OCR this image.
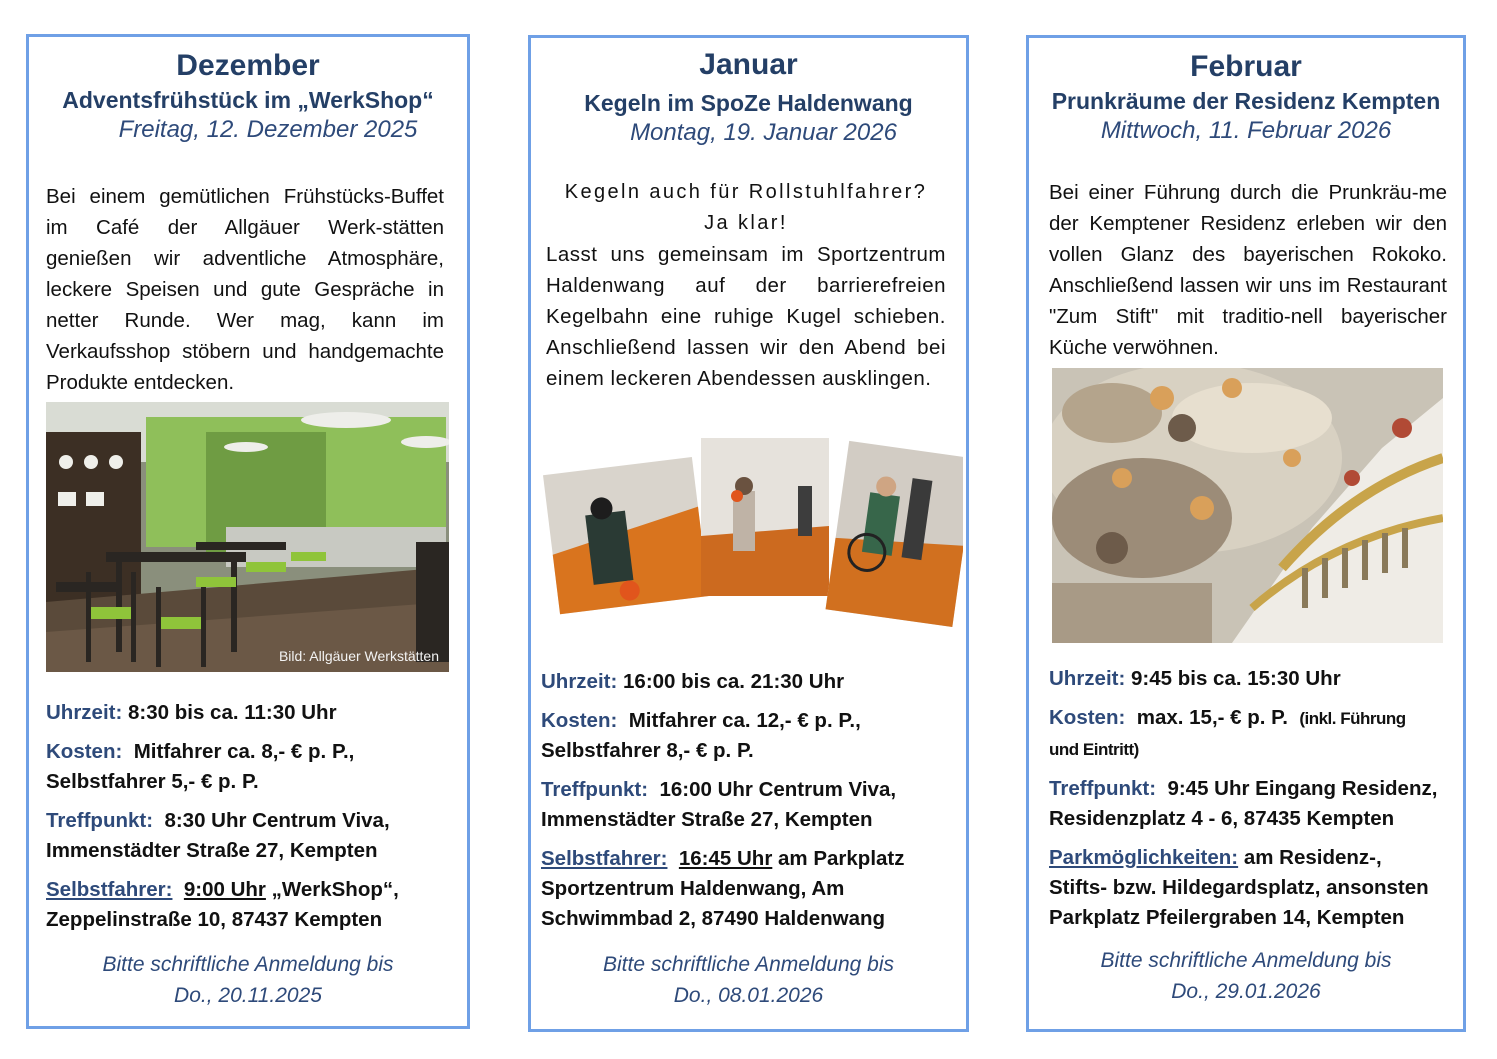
Dezember

Adventsfrühstück im „WerkShop“

Freitag, 12. Dezember 2025

Bei einem gemütlichen Frühstücks-Buffet im Café der Allgäuer Werk-stätten genießen wir adventliche Atmosphäre, leckere Speisen und gute Gespräche in netter Runde. Wer mag, kann im Verkaufsshop stöbern und handgemachte Produkte entdecken.

Bild: Allgäuer Werkstätten

Uhrzeit: 8:30 bis ca. 11:30 Uhr

Kosten: Mitfahrer ca. 8,- € p. P.,
Selbstfahrer 5,- € p. P.

Treffpunkt: 8:30 Uhr Centrum Viva,
Immenstädter Straße 27, Kempten

Selbstfahrer: 9:00 Uhr „WerkShop“,
Zeppelinstraße 10, 87437 Kempten

Bitte schriftliche Anmeldung bis

Do., 20.11.2025

Januar

Kegeln im SpoZe Haldenwang

Montag, 19. Januar 2026

Kegeln auch für Rollstuhlfahrer?

Ja klar!

Lasst uns gemeinsam im Sportzentrum Haldenwang auf der barrierefreien Kegelbahn eine ruhige Kugel schieben. Anschließend lassen wir den Abend bei einem leckeren Abendessen ausklingen.

Uhrzeit: 16:00 bis ca. 21:30 Uhr

Kosten: Mitfahrer ca. 12,- € p. P.,
Selbstfahrer 8,- € p. P.

Treffpunkt: 16:00 Uhr Centrum Viva,
Immenstädter Straße 27, Kempten

Selbstfahrer: 16:45 Uhr am Parkplatz
Sportzentrum Haldenwang, Am
Schwimmbad 2, 87490 Haldenwang

Bitte schriftliche Anmeldung bis

Do., 08.01.2026

Februar

Prunkräume der Residenz Kempten

Mittwoch, 11. Februar 2026

Bei einer Führung durch die Prunkräu-me der Kemptener Residenz erleben wir den vollen Glanz des bayerischen Rokoko. Anschließend lassen wir uns im Restaurant "Zum Stift" mit traditio-nell bayerischer Küche verwöhnen.

Uhrzeit: 9:45 bis ca. 15:30 Uhr

Kosten: max. 15,- € p. P. (inkl. Führung
und Eintritt)

Treffpunkt: 9:45 Uhr Eingang Residenz,
Residenzplatz 4 - 6, 87435 Kempten

Parkmöglichkeiten: am Residenz-,
Stifts- bzw. Hildegardsplatz, ansonsten
Parkplatz Pfeilergraben 14, Kempten

Bitte schriftliche Anmeldung bis

Do., 29.01.2026
